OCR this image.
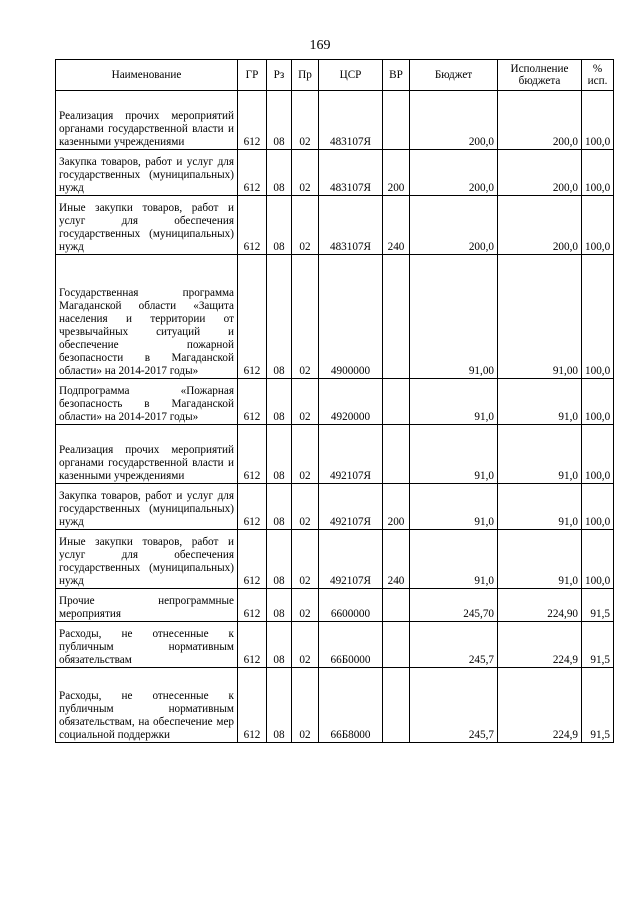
169
Наименование	ГР	Рз	Пр	ЦСР	ВР	Бюджет	Исполнение бюджета	% исп.
Реализация прочих мероприятий органами государственной власти и казенными учреждениями	612	08	02	483107Я		200,0	200,0	100,0
Закупка товаров, работ и услуг для государственных (муниципальных) нужд	612	08	02	483107Я	200	200,0	200,0	100,0
Иные закупки товаров, работ и услуг для обеспечения государственных (муниципальных) нужд	612	08	02	483107Я	240	200,0	200,0	100,0
Государственная программа Магаданской области «Защита населения и территории от чрезвычайных ситуаций и обеспечение пожарной безопасности в Магаданской области» на 2014-2017 годы»	612	08	02	4900000		91,00	91,00	100,0
Подпрограмма «Пожарная безопасность в Магаданской области» на 2014-2017 годы»	612	08	02	4920000		91,0	91,0	100,0
Реализация прочих мероприятий органами государственной власти и казенными учреждениями	612	08	02	492107Я		91,0	91,0	100,0
Закупка товаров, работ и услуг для государственных (муниципальных) нужд	612	08	02	492107Я	200	91,0	91,0	100,0
Иные закупки товаров, работ и услуг для обеспечения государственных (муниципальных) нужд	612	08	02	492107Я	240	91,0	91,0	100,0
Прочие непрограммные мероприятия	612	08	02	6600000		245,70	224,90	91,5
Расходы, не отнесенные к публичным нормативным обязательствам	612	08	02	66Б0000		245,7	224,9	91,5
Расходы, не отнесенные к публичным нормативным обязательствам, на обеспечение мер социальной поддержки	612	08	02	66Б8000		245,7	224,9	91,5
